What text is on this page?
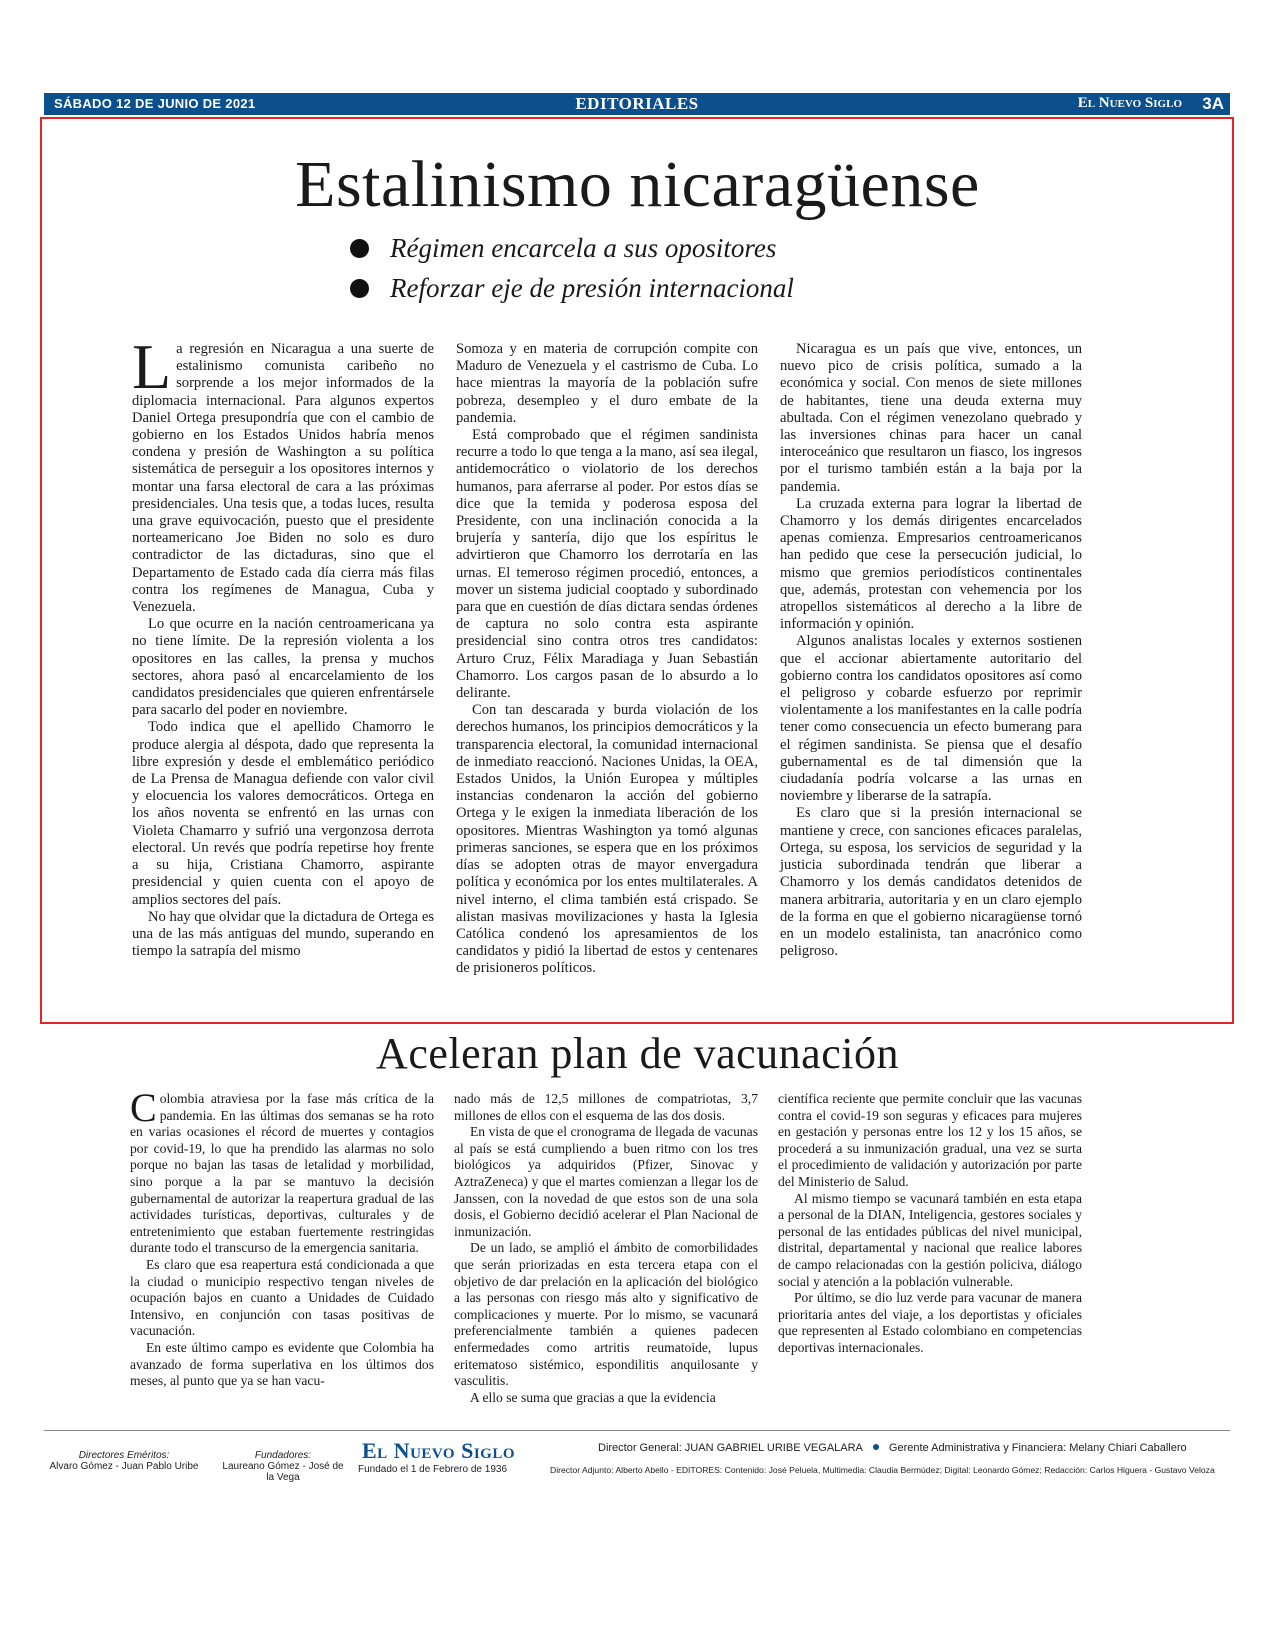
SÁBADO 12 DE JUNIO DE 2021	EDITORIALES	El Nuevo Siglo 3A
Estalinismo nicaragüense
Régimen encarcela a sus opositores
Reforzar eje de presión internacional

La regresión en Nicaragua a una suerte de estalinismo comunista caribeño no sorprende a los mejor informados de la diplomacia internacional. Para algunos expertos Daniel Ortega presupondría que con el cambio de gobierno en los Estados Unidos habría menos condena y presión de Washington a su política sistemática de perseguir a los opositores internos y montar una farsa electoral de cara a las próximas presidenciales. Una tesis que, a todas luces, resulta una grave equivocación, puesto que el presidente norteamericano Joe Biden no solo es duro contradictor de las dictaduras, sino que el Departamento de Estado cada día cierra más filas contra los regímenes de Managua, Cuba y Venezuela.

Lo que ocurre en la nación centroamericana ya no tiene límite. De la represión violenta a los opositores en las calles, la prensa y muchos sectores, ahora pasó al encarcelamiento de los candidatos presidenciales que quieren enfrentársele para sacarlo del poder en noviembre.

Todo indica que el apellido Chamorro le produce alergia al déspota, dado que representa la libre expresión y desde el emblemático periódico de La Prensa de Managua defiende con valor civil y elocuencia los valores democráticos. Ortega en los años noventa se enfrentó en las urnas con Violeta Chamarro y sufrió una vergonzosa derrota electoral. Un revés que podría repetirse hoy frente a su hija, Cristiana Chamorro, aspirante presidencial y quien cuenta con el apoyo de amplios sectores del país.

No hay que olvidar que la dictadura de Ortega es una de las más antiguas del mundo, superando en tiempo la satrapía del mismo

Somoza y en materia de corrupción compite con Maduro de Venezuela y el castrismo de Cuba. Lo hace mientras la mayoría de la población sufre pobreza, desempleo y el duro embate de la pandemia.

Está comprobado que el régimen sandinista recurre a todo lo que tenga a la mano, así sea ilegal, antidemocrático o violatorio de los derechos humanos, para aferrarse al poder. Por estos días se dice que la temida y poderosa esposa del Presidente, con una inclinación conocida a la brujería y santería, dijo que los espíritus le advirtieron que Chamorro los derrotaría en las urnas. El temeroso régimen procedió, entonces, a mover un sistema judicial cooptado y subordinado para que en cuestión de días dictara sendas órdenes de captura no solo contra esta aspirante presidencial sino contra otros tres candidatos: Arturo Cruz, Félix Maradiaga y Juan Sebastián Chamorro. Los cargos pasan de lo absurdo a lo delirante.

Con tan descarada y burda violación de los derechos humanos, los principios democráticos y la transparencia electoral, la comunidad internacional de inmediato reaccionó. Naciones Unidas, la OEA, Estados Unidos, la Unión Europea y múltiples instancias condenaron la acción del gobierno Ortega y le exigen la inmediata liberación de los opositores. Mientras Washington ya tomó algunas primeras sanciones, se espera que en los próximos días se adopten otras de mayor envergadura política y económica por los entes multilaterales. A nivel interno, el clima también está crispado. Se alistan masivas movilizaciones y hasta la Iglesia Católica condenó los apresamientos de los candidatos y pidió la libertad de estos y centenares de prisioneros políticos.

Nicaragua es un país que vive, entonces, un nuevo pico de crisis política, sumado a la económica y social. Con menos de siete millones de habitantes, tiene una deuda externa muy abultada. Con el régimen venezolano quebrado y las inversiones chinas para hacer un canal interoceánico que resultaron un fiasco, los ingresos por el turismo también están a la baja por la pandemia.

La cruzada externa para lograr la libertad de Chamorro y los demás dirigentes encarcelados apenas comienza. Empresarios centroamericanos han pedido que cese la persecución judicial, lo mismo que gremios periodísticos continentales que, además, protestan con vehemencia por los atropellos sistemáticos al derecho a la libre de información y opinión.

Algunos analistas locales y externos sostienen que el accionar abiertamente autoritario del gobierno contra los candidatos opositores así como el peligroso y cobarde esfuerzo por reprimir violentamente a los manifestantes en la calle podría tener como consecuencia un efecto bumerang para el régimen sandinista. Se piensa que el desafío gubernamental es de tal dimensión que la ciudadanía podría volcarse a las urnas en noviembre y liberarse de la satrapía.

Es claro que si la presión internacional se mantiene y crece, con sanciones eficaces paralelas, Ortega, su esposa, los servicios de seguridad y la justicia subordinada tendrán que liberar a Chamorro y los demás candidatos detenidos de manera arbitraria, autoritaria y en un claro ejemplo de la forma en que el gobierno nicaragüense tornó en un modelo estalinista, tan anacrónico como peligroso.

Aceleran plan de vacunación

Colombia atraviesa por la fase más crítica de la pandemia. En las últimas dos semanas se ha roto en varias ocasiones el récord de muertes y contagios por covid-19, lo que ha prendido las alarmas no solo porque no bajan las tasas de letalidad y morbilidad, sino porque a la par se mantuvo la decisión gubernamental de autorizar la reapertura gradual de las actividades turísticas, deportivas, culturales y de entretenimiento que estaban fuertemente restringidas durante todo el transcurso de la emergencia sanitaria.

Es claro que esa reapertura está condicionada a que la ciudad o municipio respectivo tengan niveles de ocupación bajos en cuanto a Unidades de Cuidado Intensivo, en conjunción con tasas positivas de vacunación.

En este último campo es evidente que Colombia ha avanzado de forma superlativa en los últimos dos meses, al punto que ya se han vacu-

nado más de 12,5 millones de compatriotas, 3,7 millones de ellos con el esquema de las dos dosis.

En vista de que el cronograma de llegada de vacunas al país se está cumpliendo a buen ritmo con los tres biológicos ya adquiridos (Pfizer, Sinovac y AztraZeneca) y que el martes comienzan a llegar los de Janssen, con la novedad de que estos son de una sola dosis, el Gobierno decidió acelerar el Plan Nacional de inmunización.

De un lado, se amplió el ámbito de comorbilidades que serán priorizadas en esta tercera etapa con el objetivo de dar prelación en la aplicación del biológico a las personas con riesgo más alto y significativo de complicaciones y muerte. Por lo mismo, se vacunará preferencialmente también a quienes padecen enfermedades como artritis reumatoide, lupus eritematoso sistémico, espondilitis anquilosante y vasculitis.

A ello se suma que gracias a que la evidencia

científica reciente que permite concluir que las vacunas contra el covid-19 son seguras y eficaces para mujeres en gestación y personas entre los 12 y los 15 años, se procederá a su inmunización gradual, una vez se surta el procedimiento de validación y autorización por parte del Ministerio de Salud.

Al mismo tiempo se vacunará también en esta etapa a personal de la DIAN, Inteligencia, gestores sociales y personal de las entidades públicas del nivel municipal, distrital, departamental y nacional que realice labores de campo relacionadas con la gestión policiva, diálogo social y atención a la población vulnerable.

Por último, se dio luz verde para vacunar de manera prioritaria antes del viaje, a los deportistas y oficiales que representen al Estado colombiano en competencias deportivas internacionales.

Directores Eméritos:
Alvaro Gómez - Juan Pablo Uribe
Fundadores:
Laureano Gómez - José de la Vega
El Nuevo Siglo
Fundado el 1 de Febrero de 1936
Director General: JUAN GABRIEL URIBE VEGALARA Gerente Administrativa y Financiera: Melany Chiari Caballero
Director Adjunto: Alberto Abello - EDITORES: Contenido: José Peluela, Multimedia: Claudia Bermúdez; Digital: Leonardo Gómez; Redacción: Carlos Higuera - Gustavo Veloza
